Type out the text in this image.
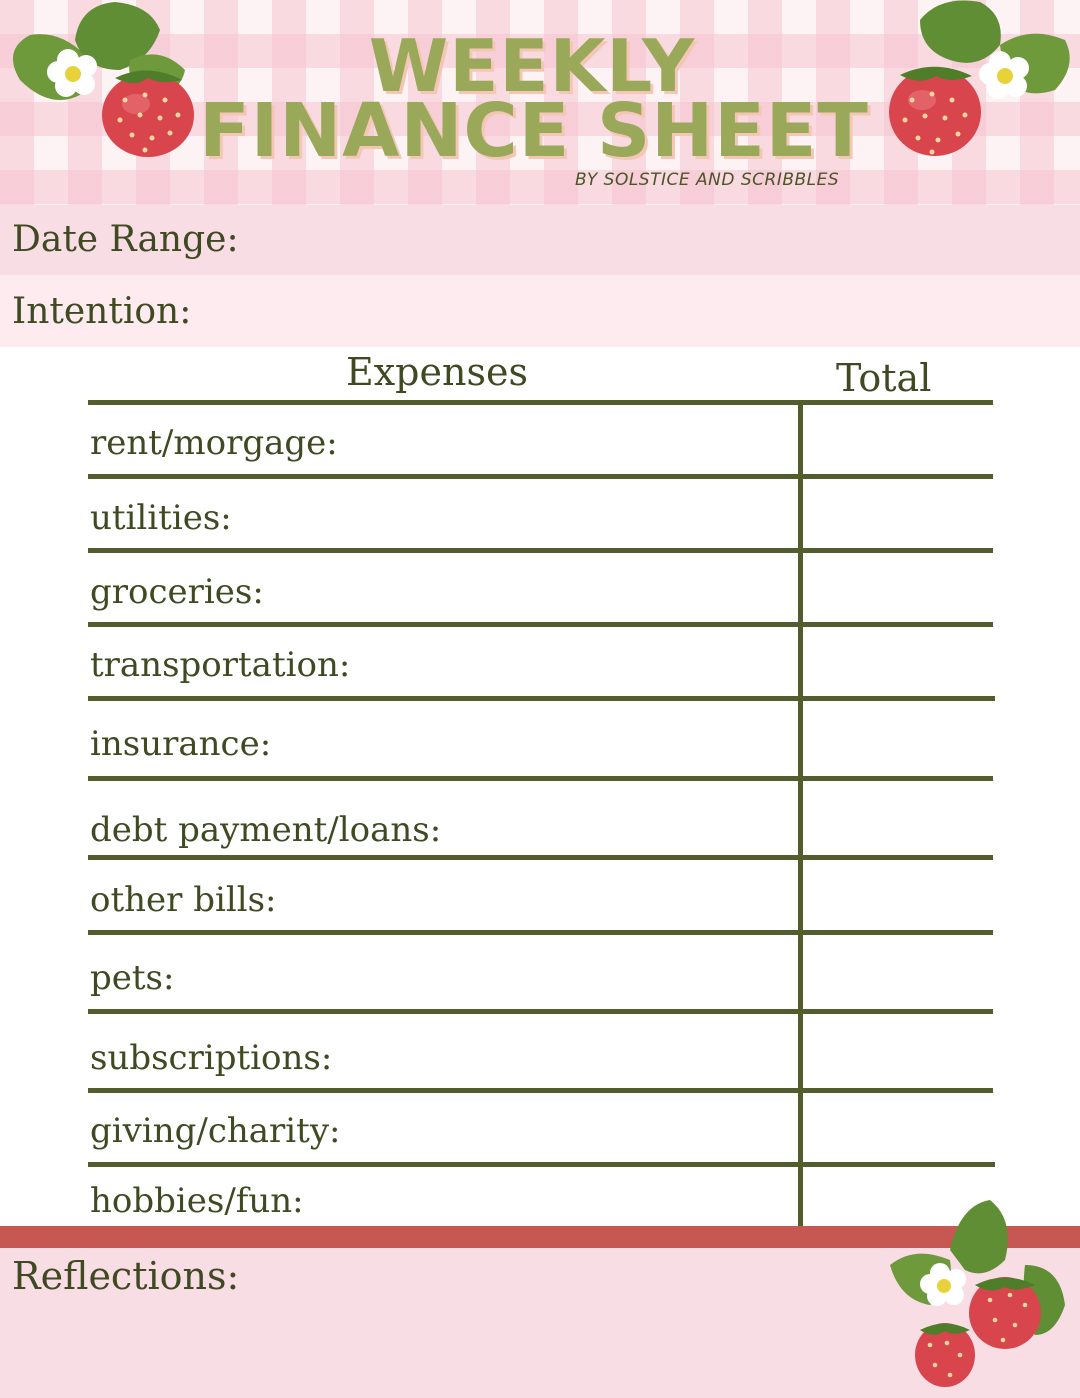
WEEKLY
FINANCE SHEET
BY SOLSTICE AND SCRIBBLES
Date Range:
Intention:
Expenses	Total
rent/morgage:
utilities:
groceries:
transportation:
insurance:
debt payment/loans:
other bills:
pets:
subscriptions:
giving/charity:
hobbies/fun:
Reflections:
